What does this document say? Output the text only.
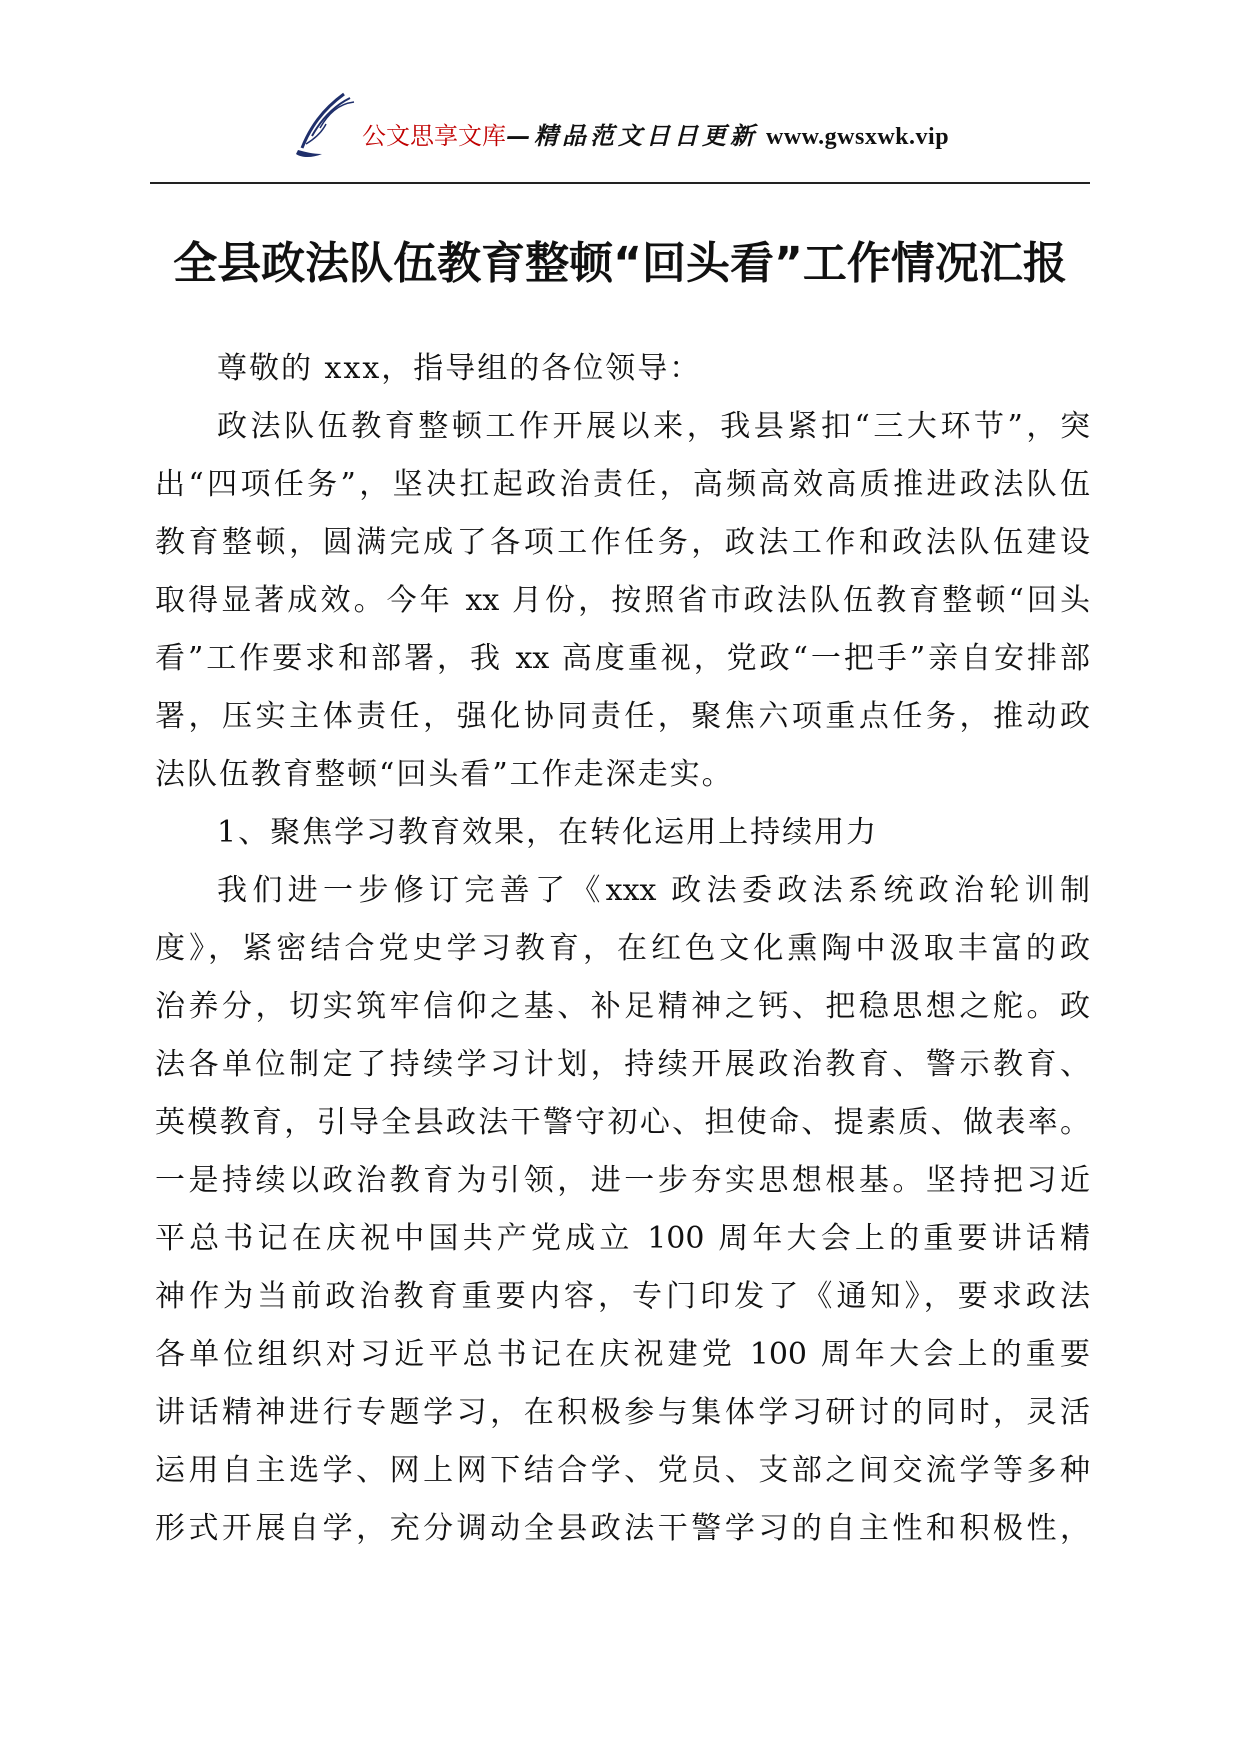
公文思享文库—精品范文日日更新 www.gwsxwk.vip
全县政法队伍教育整顿“回头看”工作情况汇报
尊敬的 xxx，指导组的各位领导：
政法队伍教育整顿工作开展以来，我县紧扣“三大环节”，突
出“四项任务”，坚决扛起政治责任，高频高效高质推进政法队伍
教育整顿，圆满完成了各项工作任务，政法工作和政法队伍建设
取得显著成效。今年 xx 月份，按照省市政法队伍教育整顿“回头
看”工作要求和部署，我 xx 高度重视，党政“一把手”亲自安排部
署，压实主体责任，强化协同责任，聚焦六项重点任务，推动政
法队伍教育整顿“回头看”工作走深走实。
1、聚焦学习教育效果，在转化运用上持续用力
我们进一步修订完善了《xxx 政法委政法系统政治轮训制
度》，紧密结合党史学习教育，在红色文化熏陶中汲取丰富的政
治养分，切实筑牢信仰之基、补足精神之钙、把稳思想之舵。政
法各单位制定了持续学习计划，持续开展政治教育、警示教育、
英模教育，引导全县政法干警守初心、担使命、提素质、做表率。
一是持续以政治教育为引领，进一步夯实思想根基。坚持把习近
平总书记在庆祝中国共产党成立 100 周年大会上的重要讲话精
神作为当前政治教育重要内容，专门印发了《通知》，要求政法
各单位组织对习近平总书记在庆祝建党 100 周年大会上的重要
讲话精神进行专题学习，在积极参与集体学习研讨的同时，灵活
运用自主选学、网上网下结合学、党员、支部之间交流学等多种
形式开展自学，充分调动全县政法干警学习的自主性和积极性，
